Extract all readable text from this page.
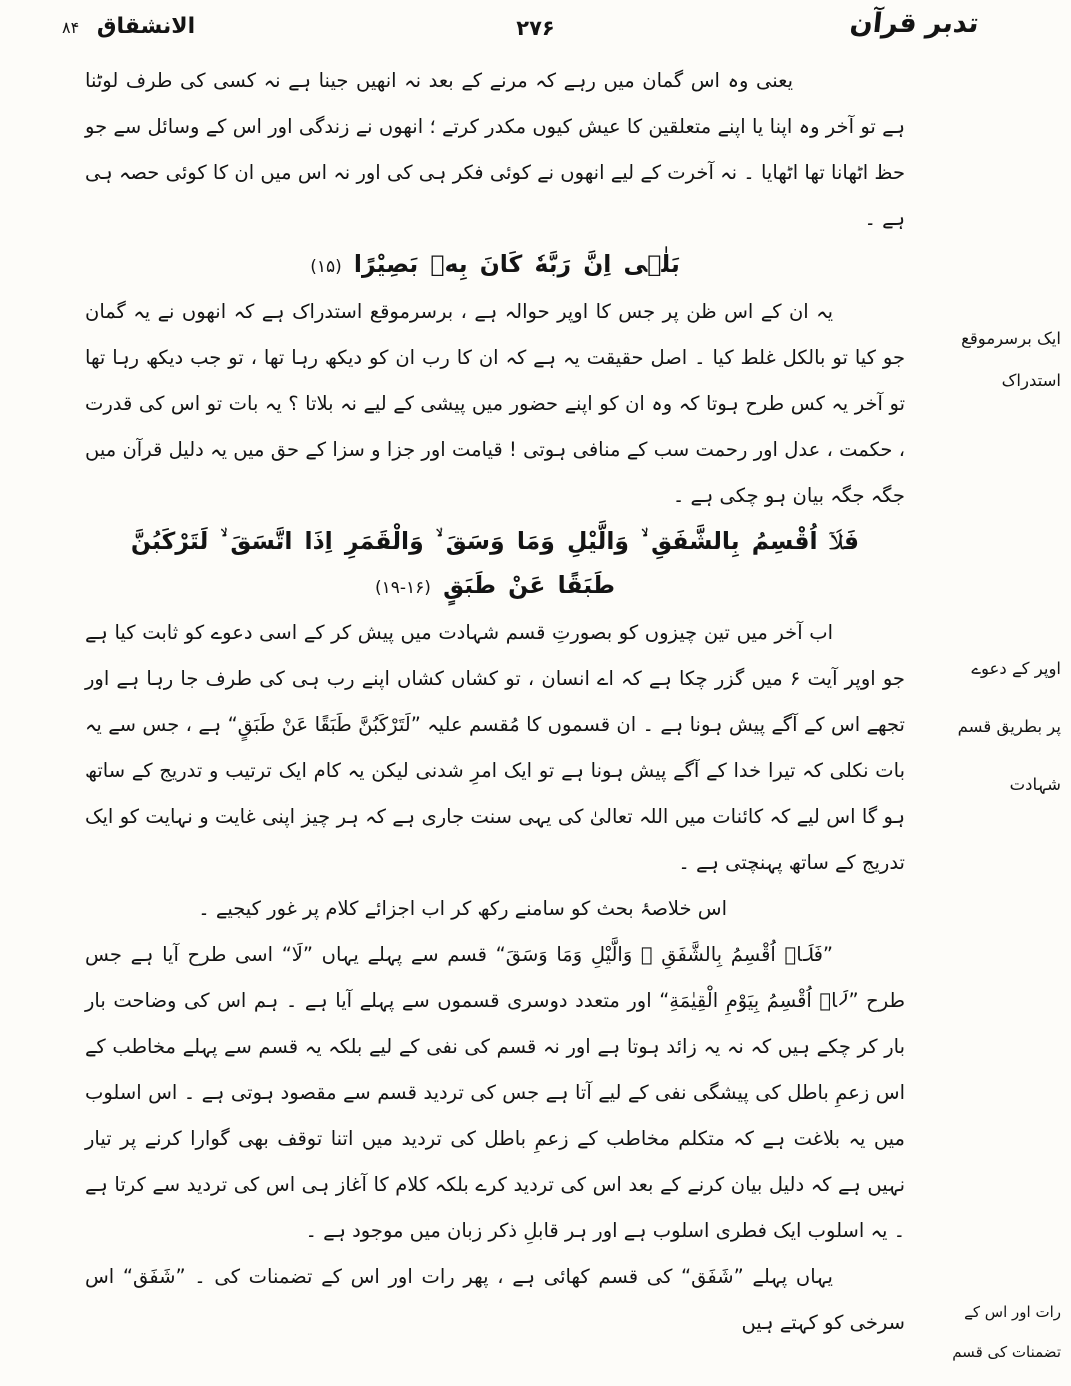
تدبر قرآن
۲۷۶
الانشقاق ۸۴

یعنی وہ اس گمان میں رہے کہ مرنے کے بعد نہ انھیں جینا ہے نہ کسی کی طرف لوٹنا ہے تو آخر وہ اپنا یا اپنے متعلقین کا عیش کیوں مکدر کرتے ؛ انھوں نے زندگی اور اس کے وسائل سے جو حظ اٹھانا تھا اٹھایا ۔ نہ آخرت کے لیے انھوں نے کوئی فکر ہی کی اور نہ اس میں ان کا کوئی حصہ ہی ہے ۔

بَلٰۤی اِنَّ رَبَّهٗ كَانَ بِهٖ بَصِيْرًا (۱۵)

یہ ان کے اس ظن پر جس کا اوپر حوالہ ہے ، برسرموقع استدراک ہے کہ انھوں نے یہ گمان جو کیا تو بالکل غلط کیا ۔ اصل حقیقت یہ ہے کہ ان کا رب ان کو دیکھ رہا تھا ، تو جب دیکھ رہا تھا تو آخر یہ کس طرح ہوتا کہ وہ ان کو اپنے حضور میں پیشی کے لیے نہ بلاتا ؟ یہ بات تو اس کی قدرت ، حکمت ، عدل اور رحمت سب کے منافی ہوتی ! قیامت اور جزا و سزا کے حق میں یہ دلیل قرآن میں جگہ جگہ بیان ہو چکی ہے ۔

فَلَاۤ اُقْسِمُ بِالشَّفَقِ ۙ وَالَّيْلِ وَمَا وَسَقَ ۙ وَالْقَمَرِ اِذَا اتَّسَقَ ۙ لَتَرْكَبُنَّ
طَبَقًا عَنْ طَبَقٍ (۱۶-۱۹)

اب آخر میں تین چیزوں کو بصورتِ قسم شہادت میں پیش کر کے اسی دعوے کو ثابت کیا ہے جو اوپر آیت ۶ میں گزر چکا ہے کہ اے انسان ، تو کشاں کشاں اپنے رب ہی کی طرف جا رہا ہے اور تجھے اس کے آگے پیش ہونا ہے ۔ ان قسموں کا مُقسم علیہ ”لَتَرْكَبُنَّ طَبَقًا عَنْ طَبَقٍ“ ہے ، جس سے یہ بات نکلی کہ تیرا خدا کے آگے پیش ہونا ہے تو ایک امرِ شدنی لیکن یہ کام ایک ترتیب و تدریج کے ساتھ ہو گا اس لیے کہ کائنات میں اللہ تعالیٰ کی یہی سنت جاری ہے کہ ہر چیز اپنی غایت و نہایت کو ایک تدریج کے ساتھ پہنچتی ہے ۔

اس خلاصۂ بحث کو سامنے رکھ کر اب اجزائے کلام پر غور کیجیے ۔

”فَلَاۤ اُقْسِمُ بِالشَّفَقِ ۙ وَالَّيْلِ وَمَا وَسَقَ“ قسم سے پہلے یہاں ”لَا“ اسی طرح آیا ہے جس طرح ”لَاۤ اُقْسِمُ بِيَوْمِ الْقِيٰمَةِ“ اور متعدد دوسری قسموں سے پہلے آیا ہے ۔ ہم اس کی وضاحت بار بار کر چکے ہیں کہ نہ یہ زائد ہوتا ہے اور نہ قسم کی نفی کے لیے بلکہ یہ قسم سے پہلے مخاطب کے اس زعمِ باطل کی پیشگی نفی کے لیے آتا ہے جس کی تردید قسم سے مقصود ہوتی ہے ۔ اس اسلوب میں یہ بلاغت ہے کہ متکلم مخاطب کے زعمِ باطل کی تردید میں اتنا توقف بھی گوارا کرنے پر تیار نہیں ہے کہ دلیل بیان کرنے کے بعد اس کی تردید کرے بلکہ کلام کا آغاز ہی اس کی تردید سے کرتا ہے ۔ یہ اسلوب ایک فطری اسلوب ہے اور ہر قابلِ ذکر زبان میں موجود ہے ۔

یہاں پہلے ”شَفَق“ کی قسم کھائی ہے ، پھر رات اور اس کے تضمنات کی ۔ ”شَفَق“ اس سرخی کو کہتے ہیں

ایک برسرموقع
استدراک
اوپر کے دعوے
پر بطریق قسم
شہادت
رات اور اس کے
تضمنات کی قسم
